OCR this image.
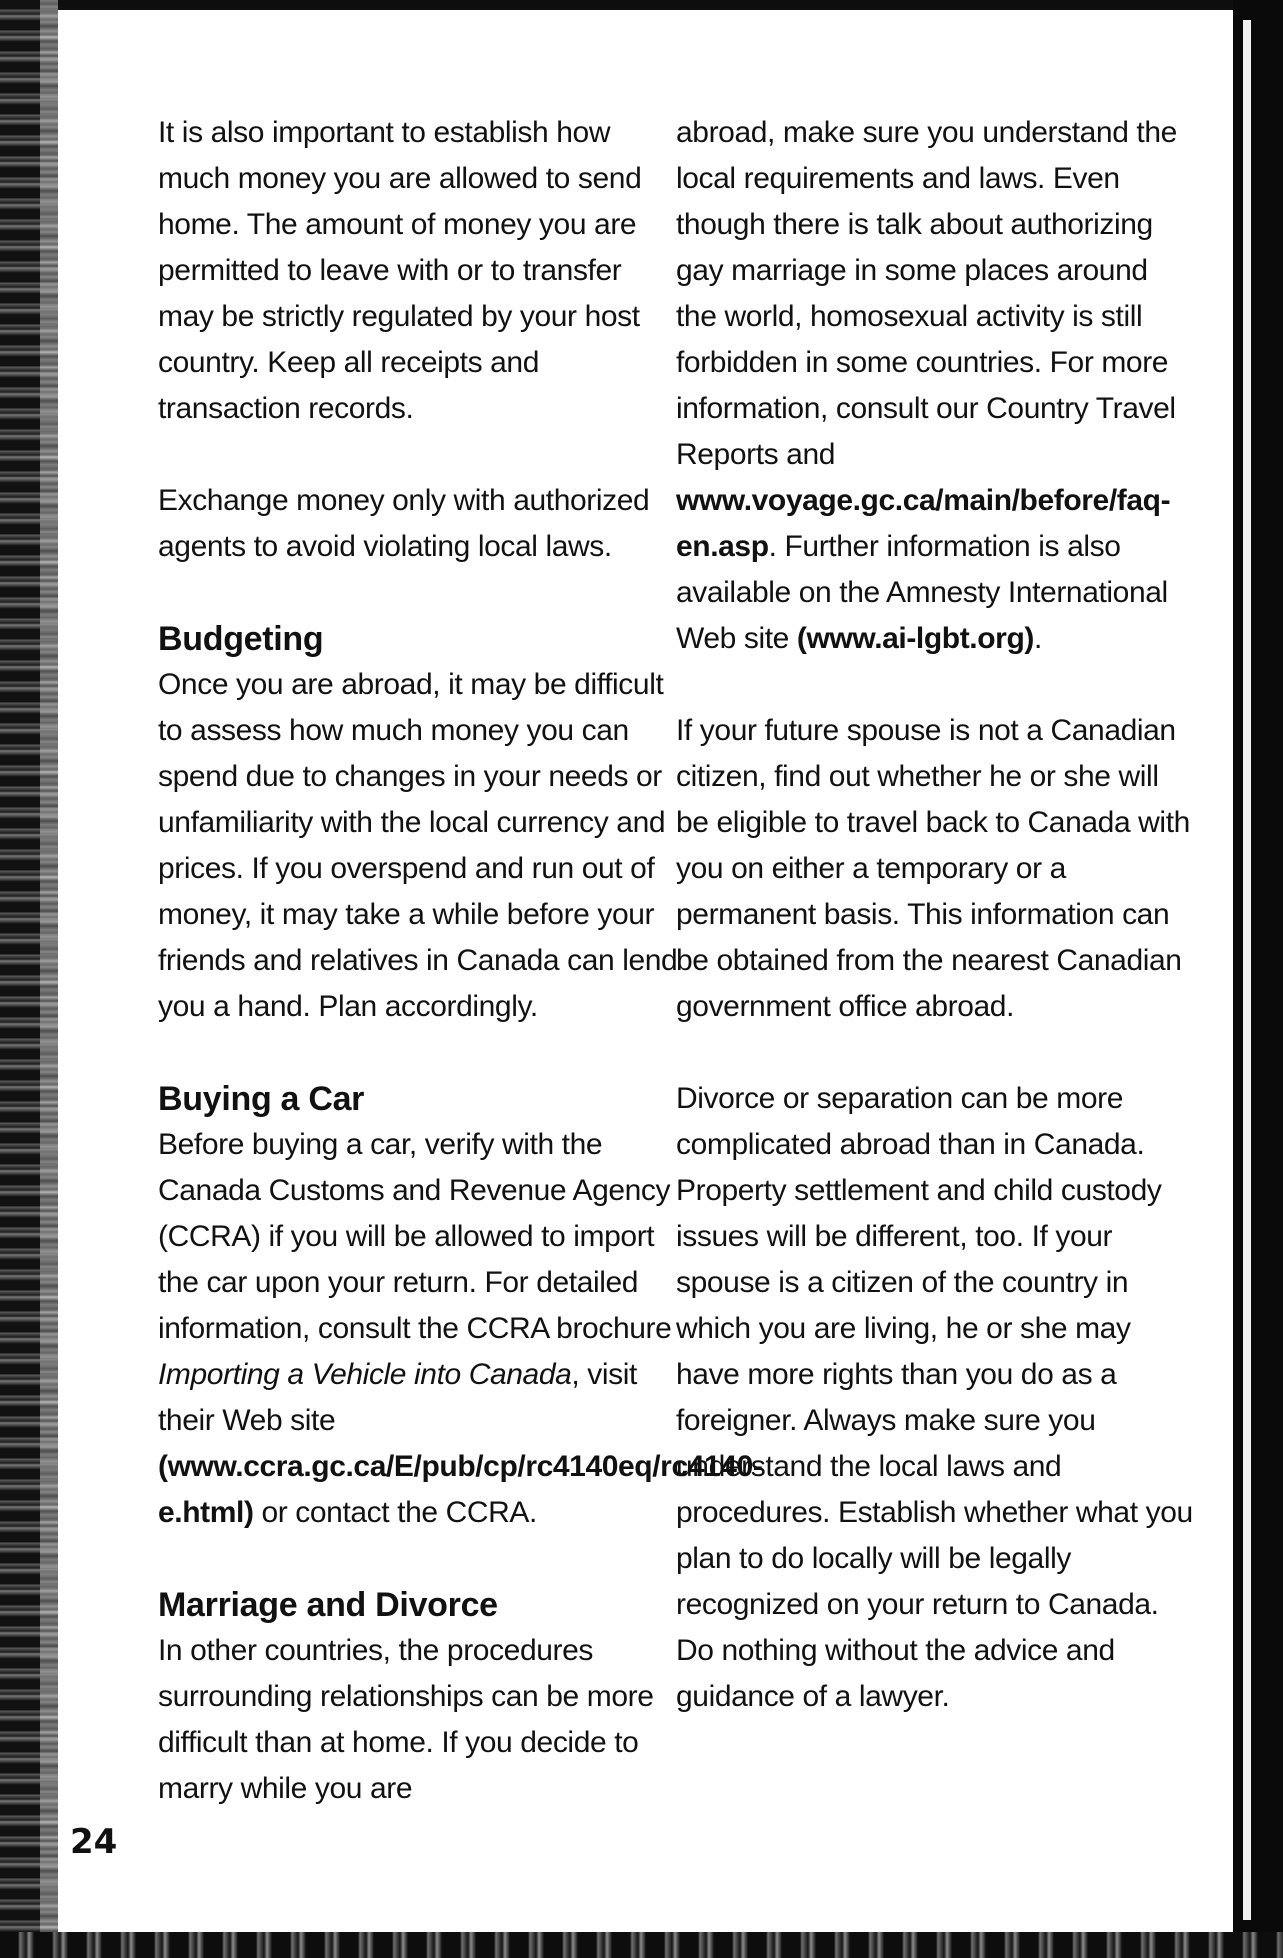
It is also important to establish how much money you are allowed to send home. The amount of money you are permitted to leave with or to transfer may be strictly regulated by your host country. Keep all receipts and transaction records.

Exchange money only with authorized agents to avoid violating local laws.

Budgeting

Once you are abroad, it may be difficult to assess how much money you can spend due to changes in your needs or unfamiliarity with the local currency and prices. If you overspend and run out of money, it may take a while before your friends and relatives in Canada can lend you a hand. Plan accordingly.

Buying a Car

Before buying a car, verify with the Canada Customs and Revenue Agency (CCRA) if you will be allowed to import the car upon your return. For detailed information, consult the CCRA brochure Importing a Vehicle into Canada, visit their Web site (www.ccra.gc.ca/E/pub/cp/rc4140eq/rc4140-e.html) or contact the CCRA.

Marriage and Divorce

In other countries, the procedures surrounding relationships can be more difficult than at home. If you decide to marry while you are

abroad, make sure you understand the local requirements and laws. Even though there is talk about authorizing gay marriage in some places around the world, homosexual activity is still forbidden in some countries. For more information, consult our Country Travel Reports and www.voyage.gc.ca/main/before/faq-en.asp. Further information is also available on the Amnesty International Web site (www.ai-lgbt.org).

If your future spouse is not a Canadian citizen, find out whether he or she will be eligible to travel back to Canada with you on either a temporary or a permanent basis. This information can be obtained from the nearest Canadian government office abroad.

Divorce or separation can be more complicated abroad than in Canada. Property settlement and child custody issues will be different, too. If your spouse is a citizen of the country in which you are living, he or she may have more rights than you do as a foreigner. Always make sure you understand the local laws and procedures. Establish whether what you plan to do locally will be legally recognized on your return to Canada. Do nothing without the advice and guidance of a lawyer.

24
